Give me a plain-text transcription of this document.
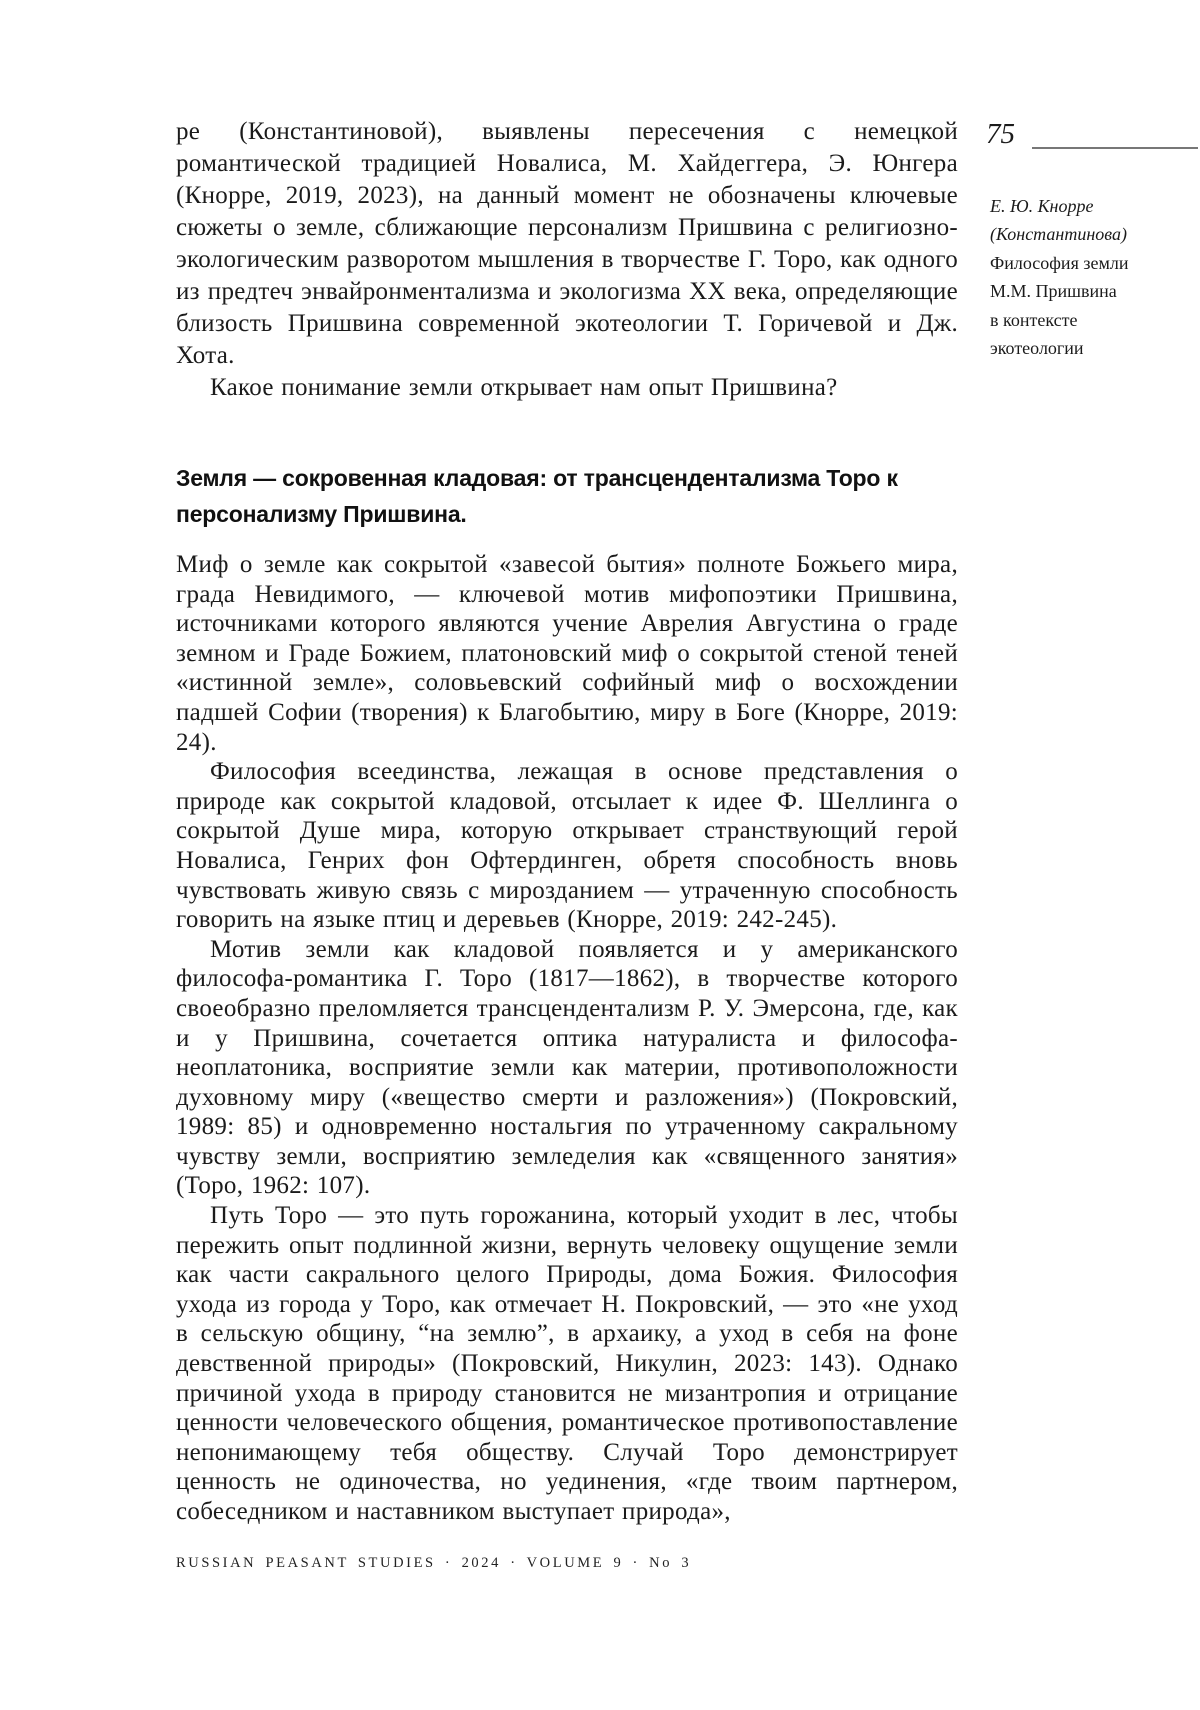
ре (Константиновой), выявлены пересечения с немецкой романтической традицией Новалиса, М. Хайдеггера, Э. Юнгера (Кнорре, 2019, 2023), на данный момент не обозначены ключевые сюжеты о земле, сближающие персонализм Пришвина с религиозно-экологическим разворотом мышления в творчестве Г. Торо, как одного из предтеч энвайронментализма и экологизма XX века, определяющие близость Пришвина современной экотеологии Т. Горичевой и Дж. Хота.

Какое понимание земли открывает нам опыт Пришвина?

Земля — сокровенная кладовая: от трансцендентализма Торо к персонализму Пришвина.

Миф о земле как сокрытой «завесой бытия» полноте Божьего мира, града Невидимого, — ключевой мотив мифопоэтики Пришвина, источниками которого являются учение Аврелия Августина о граде земном и Граде Божием, платоновский миф о сокрытой стеной теней «истинной земле», соловьевский софийный миф о восхождении падшей Софии (творения) к Благобытию, миру в Боге (Кнорре, 2019: 24).

Философия всеединства, лежащая в основе представления о природе как сокрытой кладовой, отсылает к идее Ф. Шеллинга о сокрытой Душе мира, которую открывает странствующий герой Новалиса, Генрих фон Офтердинген, обретя способность вновь чувствовать живую связь с мирозданием — утраченную способность говорить на языке птиц и деревьев (Кнорре, 2019: 242-245).

Мотив земли как кладовой появляется и у американского философа-романтика Г. Торо (1817—1862), в творчестве которого своеобразно преломляется трансцендентализм Р. У. Эмерсона, где, как и у Пришвина, сочетается оптика натуралиста и философа-неоплатоника, восприятие земли как материи, противоположности духовному миру («вещество смерти и разложения») (Покровский, 1989: 85) и одновременно ностальгия по утраченному сакральному чувству земли, восприятию земледелия как «священного занятия» (Торо, 1962: 107).

Путь Торо — это путь горожанина, который уходит в лес, чтобы пережить опыт подлинной жизни, вернуть человеку ощущение земли как части сакрального целого Природы, дома Божия. Философия ухода из города у Торо, как отмечает Н. Покровский, — это «не уход в сельскую общину, “на землю”, в архаику, а уход в себя на фоне девственной природы» (Покровский, Никулин, 2023: 143). Однако причиной ухода в природу становится не мизантропия и отрицание ценности человеческого общения, романтическое противопоставление непонимающему тебя обществу. Случай Торо демонстрирует ценность не одиночества, но уединения, «где твоим партнером, собеседником и наставником выступает природа»,

75
Е. Ю. Кнорре
(Константинова)
Философия земли
М.М. Пришвина
в контексте
экотеологии
RUSSIAN PEASANT STUDIES · 2024 · VOLUME 9 · No 3
